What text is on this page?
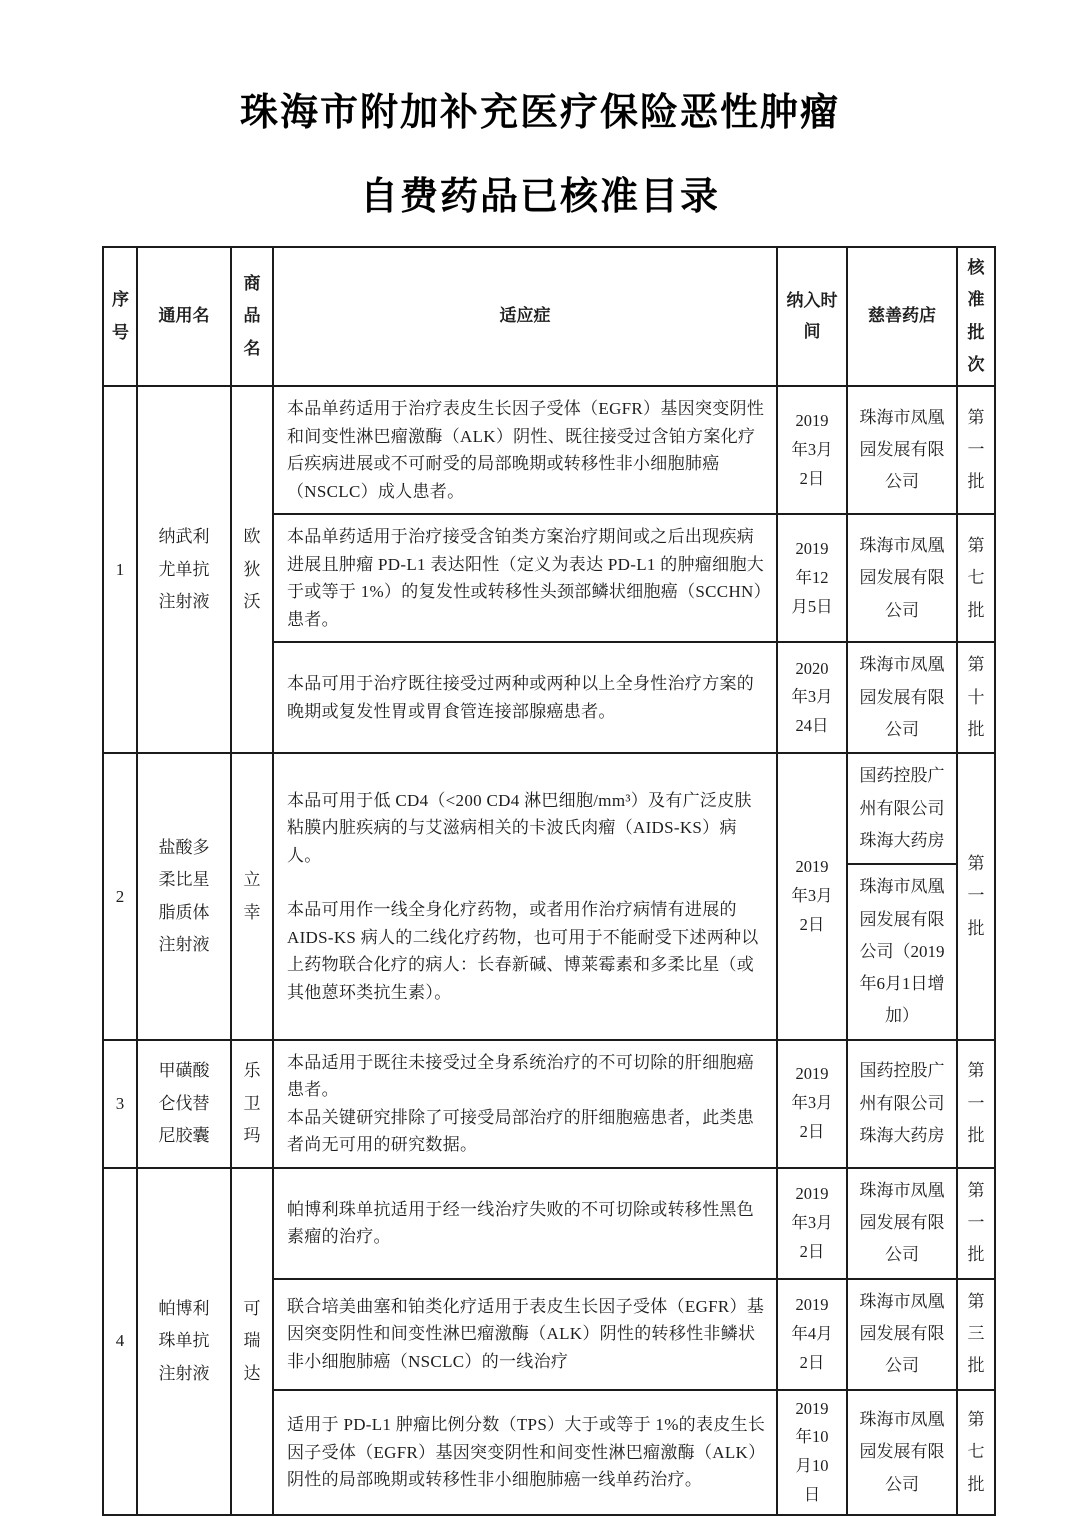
珠海市附加补充医疗保险恶性肿瘤
自费药品已核准目录
序号	通用名	商品名	适应症	纳入时间	慈善药店	核准批次
1	纳武利尤单抗注射液	欧狄沃	本品单药适用于治疗表皮生长因子受体（EGFR）基因突变阴性和间变性淋巴瘤激酶（ALK）阴性、既往接受过含铂方案化疗后疾病进展或不可耐受的局部晚期或转移性非小细胞肺癌（NSCLC）成人患者。	2019年3月2日	珠海市凤凰园发展有限公司	第一批

			本品单药适用于治疗接受含铂类方案治疗期间或之后出现疾病进展且肿瘤 PD-L1 表达阳性（定义为表达 PD-L1 的肿瘤细胞大于或等于 1%）的复发性或转移性头颈部鳞状细胞癌（SCCHN）患者。	2019年12月5日	珠海市凤凰园发展有限公司	第七批

			本品可用于治疗既往接受过两种或两种以上全身性治疗方案的晚期或复发性胃或胃食管连接部腺癌患者。	2020年3月24日	珠海市凤凰园发展有限公司	第十批
2	盐酸多柔比星脂质体注射液	立幸	本品可用于低 CD4（<200 CD4 淋巴细胞/mm³）及有广泛皮肤粘膜内脏疾病的与艾滋病相关的卡波氏肉瘤（AIDS-KS）病人。

本品可用作一线全身化疗药物，或者用作治疗病情有进展的 AIDS-KS 病人的二线化疗药物，也可用于不能耐受下述两种以上药物联合化疗的病人：长春新碱、博莱霉素和多柔比星（或其他蒽环类抗生素）。	2019年3月2日	国药控股广州有限公司珠海大药房	第一批
					珠海市凤凰园发展有限公司（2019年6月1日增加）	
3	甲磺酸仑伐替尼胶囊	乐卫玛	本品适用于既往未接受过全身系统治疗的不可切除的肝细胞癌患者。

本品关键研究排除了可接受局部治疗的肝细胞癌患者，此类患者尚无可用的研究数据。	2019年3月2日	国药控股广州有限公司珠海大药房	第一批
4	帕博利珠单抗注射液	可瑞达	帕博利珠单抗适用于经一线治疗失败的不可切除或转移性黑色素瘤的治疗。	2019年3月2日	珠海市凤凰园发展有限公司	第一批

			联合培美曲塞和铂类化疗适用于表皮生长因子受体（EGFR）基因突变阴性和间变性淋巴瘤激酶（ALK）阴性的转移性非鳞状非小细胞肺癌（NSCLC）的一线治疗	2019年4月2日	珠海市凤凰园发展有限公司	第三批

			适用于 PD-L1 肿瘤比例分数（TPS）大于或等于 1%的表皮生长因子受体（EGFR）基因突变阴性和间变性淋巴瘤激酶（ALK）阴性的局部晚期或转移性非小细胞肺癌一线单药治疗。	2019年10月10日	珠海市凤凰园发展有限公司	第七批
